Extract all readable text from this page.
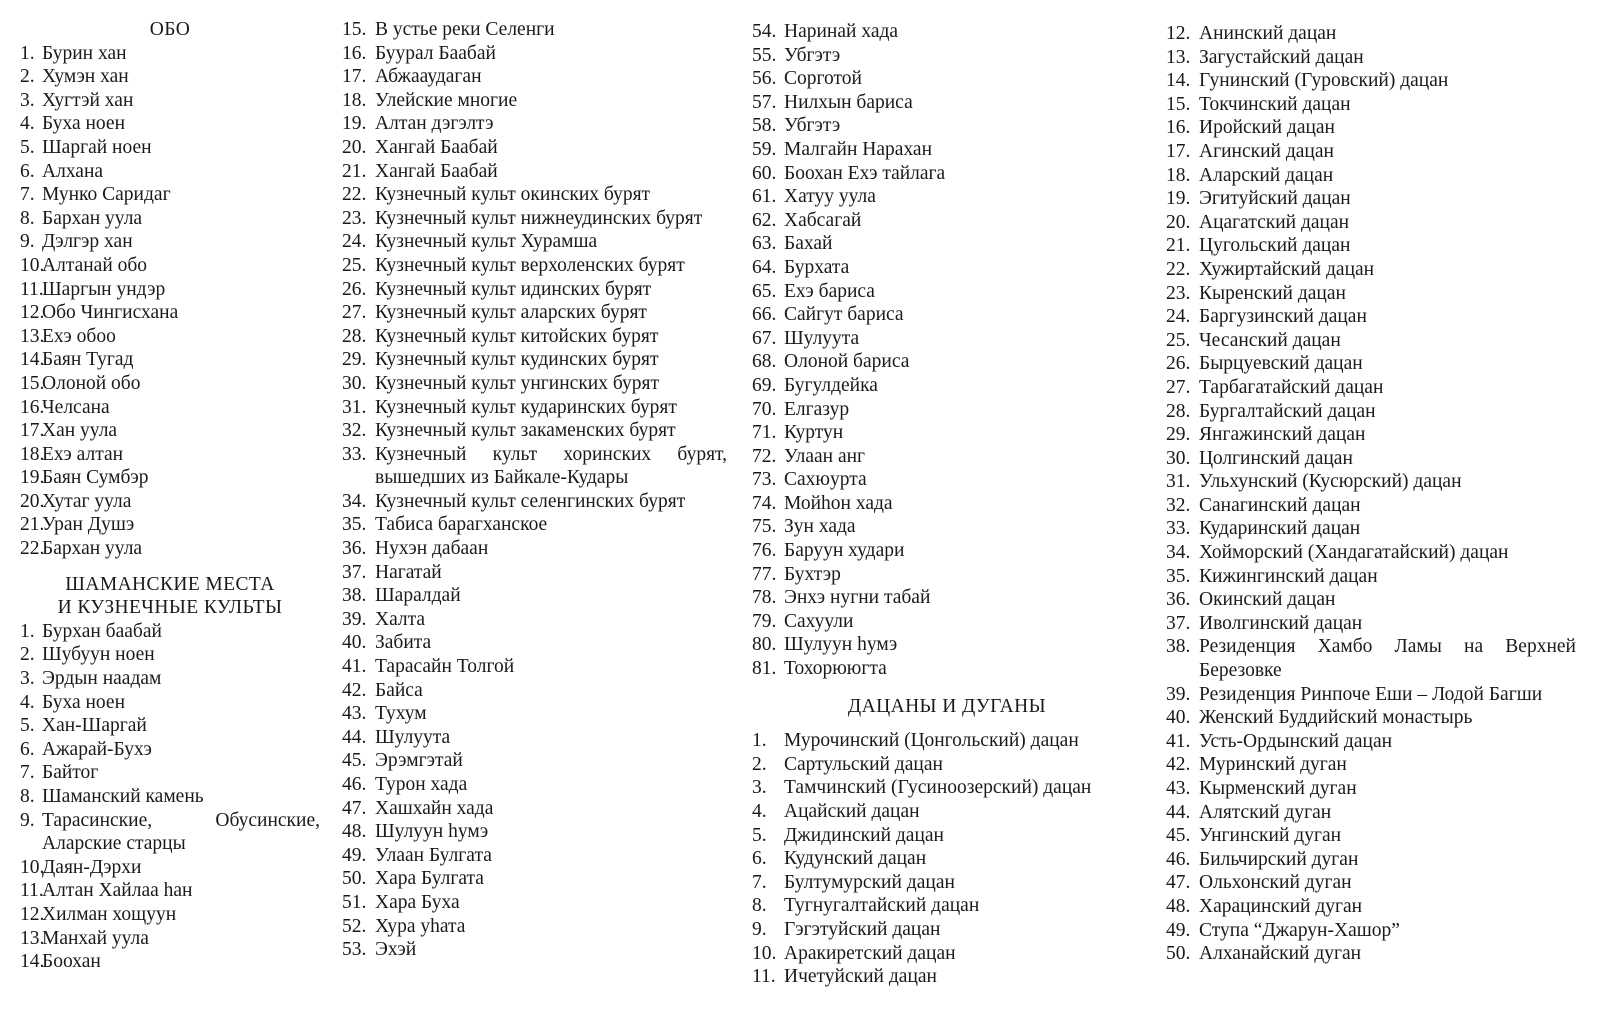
ОБО
1. Бурин хан
2. Хумэн хан
3. Хугтэй хан
4. Буха ноен
5. Шаргай ноен
6. Алхана
7. Мунко Саридаг
8. Бархан уула
9. Дэлгэр хан
10.
Алтанай обо
11.
Шаргын ундэр
12.
Обо Чингисхана
13.
Ехэ обоо
14.
Баян Тугад
15.
Олоной обо
16.
Челсана
17.
Хан уула
18.
Ехэ алтан
19.
Баян Сумбэр
20.
Хутаг уула
21.
Уран Душэ
22.
Бархан уула
ШАМАНСКИЕ МЕСТА
И КУЗНЕЧНЫЕ КУЛЬТЫ
1. Бурхан баабай
2. Шубуун ноен
3. Эрдын наадам
4. Буха ноен
5. Хан-Шаргай
6. Ажарай-Бухэ
7. Байтог
8. Шаманский камень
9. Тарасинские, Обусинские, Аларские старцы
10.
Даян-Дэрхи
11.
Алтан Хайлаа hан
12.
Хилман хощуун
13.
Манхай уула
14.
Боохан
15. В устье реки Селенги
16. Буурал Баабай
17. Абжааудаган
18. Улейские многие
19. Алтан дэгэлтэ
20. Хангай Баабай
21. Хангай Баабай
22. Кузнечный культ окинских бурят
23. Кузнечный культ нижнеудинских бурят
24. Кузнечный культ Хурамша
25. Кузнечный культ верхоленских бурят
26. Кузнечный культ идинских бурят
27. Кузнечный культ аларских бурят
28. Кузнечный культ китойских бурят
29. Кузнечный культ кудинских бурят
30. Кузнечный культ унгинских бурят
31. Кузнечный культ кударинских бурят
32. Кузнечный культ закаменских бурят
33. Кузнечный культ хоринских бурят, вышедших из Байкале-Кудары
34. Кузнечный культ селенгинских бурят
35. Табиса барагханское
36. Нухэн дабаан
37. Нагатай
38. Шаралдай
39. Халта
40. Забита
41. Тарасайн Толгой
42. Байса
43. Тухум
44. Шулуута
45. Эрэмгэтай
46. Турон хада
47. Хашхайн хада
48. Шулуун hумэ
49. Улаан Булгата
50. Хара Булгата
51. Хара Буха
52. Хура уhата
53. Эхэй
54. Наринай хада
55. Убгэтэ
56. Сорготой
57. Нилхын бариса
58. Убгэтэ
59. Малгайн Нарахан
60. Боохан Ехэ тайлага
61. Хатуу уула
62. Хабсагай
63. Бахай
64. Бурхата
65. Ехэ бариса
66. Сайгут бариса
67. Шулуута
68. Олоной бариса
69. Бугулдейка
70. Елгазур
71. Куртун
72. Улаан анг
73. Сахюурта
74. Мойhон хада
75. Зун хада
76. Баруун худари
77. Бухтэр
78. Энхэ нугни табай
79. Сахуули
80. Шулуун hумэ
81. Тохорююгта
ДАЦАНЫ И ДУГАНЫ
1. Мурочинский (Цонгольский) дацан
2. Сартульский дацан
3. Тамчинский (Гусиноозерский) дацан
4. Ацайский дацан
5. Джидинский дацан
6. Кудунский дацан
7. Бултумурский дацан
8. Тугнугалтайский дацан
9. Гэгэтуйский дацан
10. Аракиретский дацан
11. Ичетуйский дацан
12. Анинский дацан
13. Загустайский дацан
14. Гунинский (Гуровский) дацан
15. Токчинский дацан
16. Иройский дацан
17. Агинский дацан
18. Аларский дацан
19. Эгитуйский дацан
20. Ацагатский дацан
21. Цугольский дацан
22. Хужиртайский дацан
23. Кыренский дацан
24. Баргузинский дацан
25. Чесанский дацан
26. Бырцуевский дацан
27. Тарбагатайский дацан
28. Бургалтайский дацан
29. Янгажинский дацан
30. Цолгинский дацан
31. Ульхунский (Кусюрский) дацан
32. Санагинский дацан
33. Кударинский дацан
34. Хойморский (Хандагатайский) дацан
35. Кижингинский дацан
36. Окинский дацан
37. Иволгинский дацан
38. Резиденция Хамбо Ламы на Верхней Березовке
39. Резиденция Ринпоче Еши – Лодой Багши
40. Женский Буддийский монастырь
41. Усть-Ордынский дацан
42. Муринский дуган
43. Кырменский дуган
44. Алятский дуган
45. Унгинский дуган
46. Бильчирский дуган
47. Ольхонский дуган
48. Харацинский дуган
49. Ступа “Джарун-Хашор”
50. Алханайский дуган
